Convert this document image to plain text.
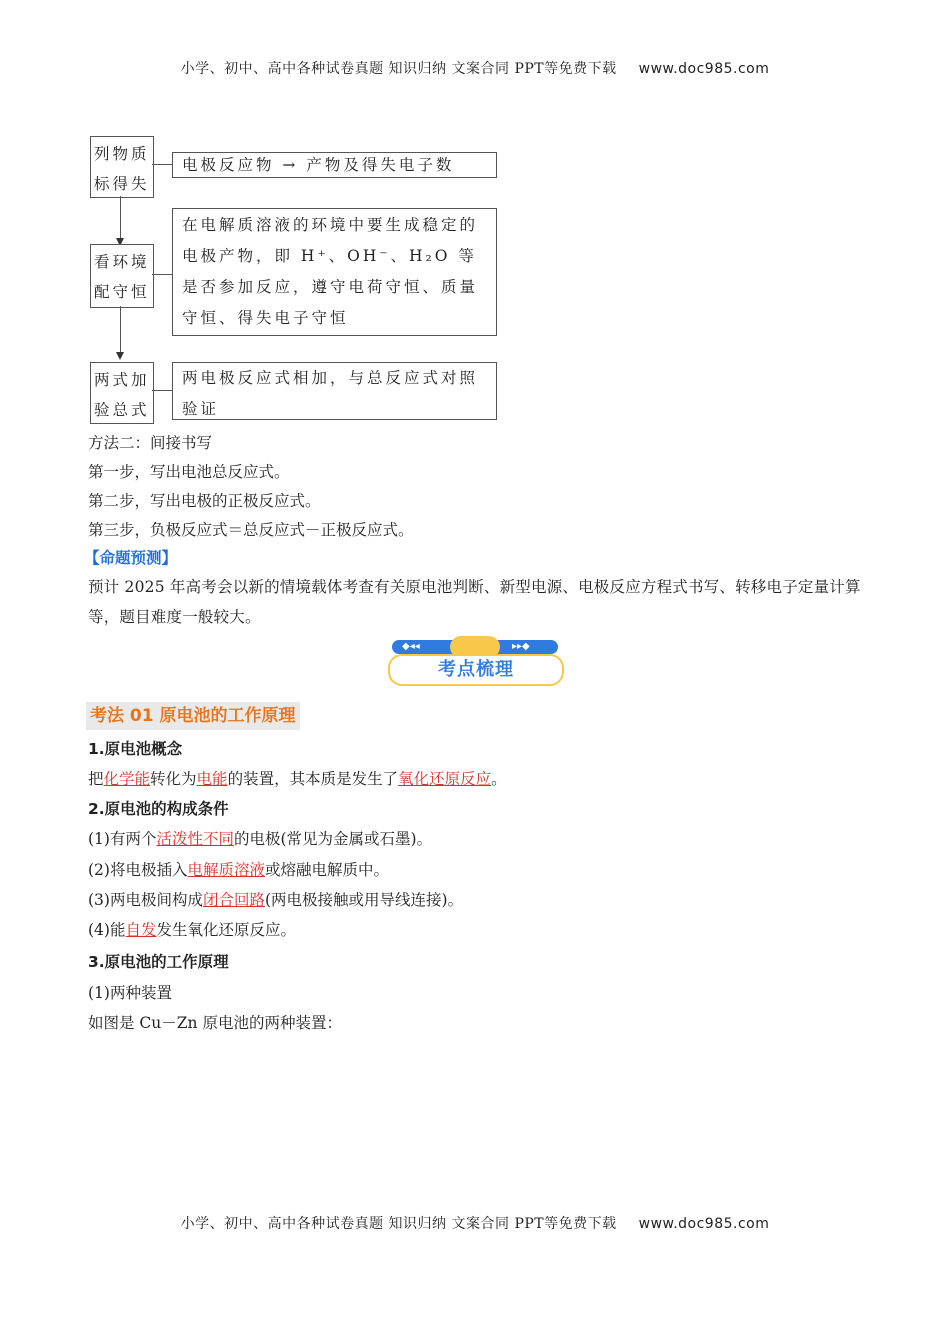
小学、初中、高中各种试卷真题 知识归纳 文案合同 PPT等免费下载 www.doc985.com
列物质标得失
电极反应物 → 产物及得失电子数
看环境配守恒
在电解质溶液的环境中要生成稳定的电极产物，即 H⁺、OH⁻、H₂O 等是否参加反应，遵守电荷守恒、质量守恒、得失电子守恒
两式加验总式
两电极反应式相加，与总反应式对照验证
方法二：间接书写
第一步，写出电池总反应式。
第二步，写出电极的正极反应式。
第三步，负极反应式＝总反应式－正极反应式。
【命题预测】
预计 2025 年高考会以新的情境载体考查有关原电池判断、新型电源、电极反应方程式书写、转移电子定量计算等，题目难度一般较大。
◆◂◂	▸▸◆
考点梳理
考法 01 原电池的工作原理
1.原电池概念
把化学能转化为电能的装置，其本质是发生了氧化还原反应。
2.原电池的构成条件
(1)有两个活泼性不同的电极(常见为金属或石墨)。
(2)将电极插入电解质溶液或熔融电解质中。
(3)两电极间构成闭合回路(两电极接触或用导线连接)。
(4)能自发发生氧化还原反应。
3.原电池的工作原理
(1)两种装置
如图是 Cu－Zn 原电池的两种装置：
小学、初中、高中各种试卷真题 知识归纳 文案合同 PPT等免费下载 www.doc985.com
